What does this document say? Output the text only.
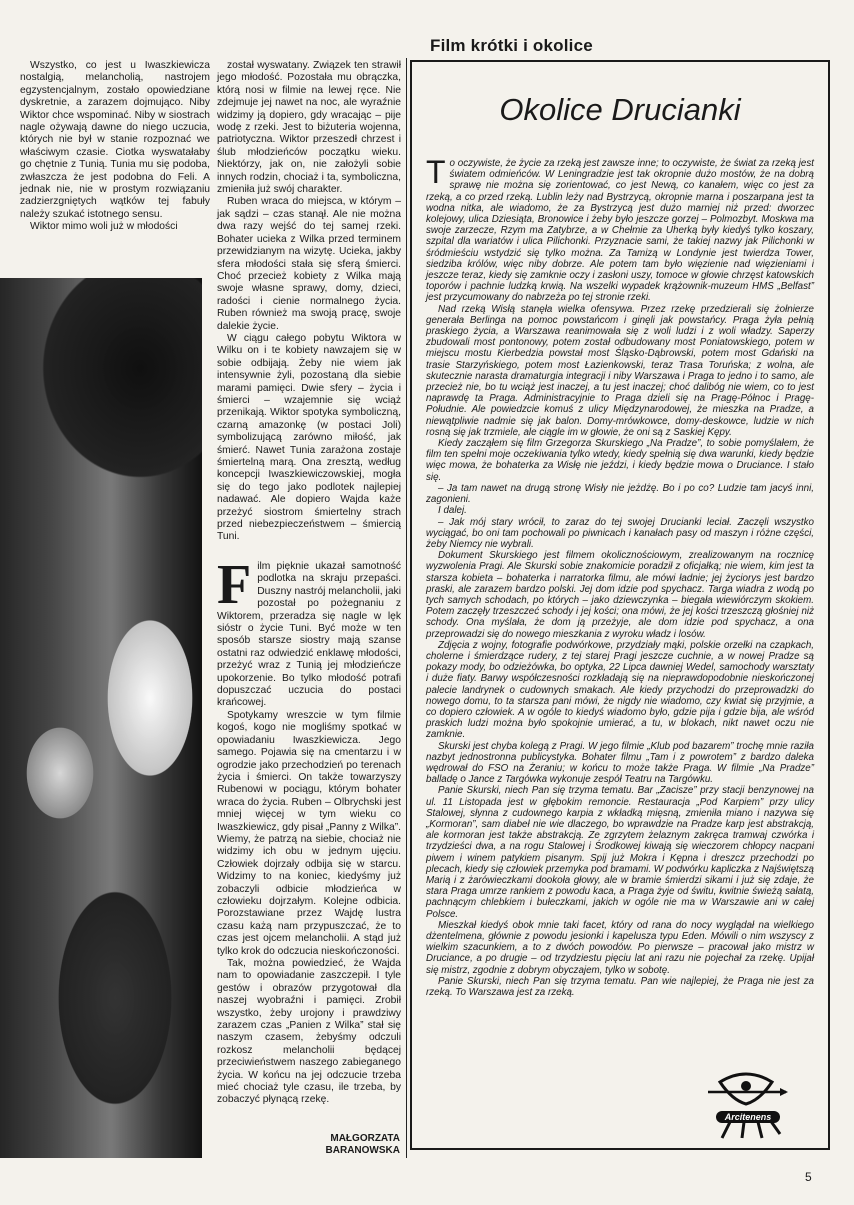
Film krótki i okolice

Wszystko, co jest u Iwaszkiewicza nostalgią, melancholią, nastrojem egzystencjalnym, zostało opowiedziane dyskretnie, a zarazem dojmująco. Niby Wiktor chce wspominać. Niby w siostrach nagle ożywają dawne do niego uczucia, których nie był w stanie rozpoznać we właściwym czasie. Ciotka wyswatałaby go chętnie z Tunią. Tunia mu się podoba, zwłaszcza że jest podobna do Feli. A jednak nie, nie w prostym rozwiązaniu zadzierzgniętych wątków tej fabuły należy szukać istotnego sensu.

Wiktor mimo woli już w młodości

został wyswatany. Związek ten strawił jego młodość. Pozostała mu obrączka, którą nosi w filmie na lewej ręce. Nie zdejmuje jej nawet na noc, ale wyraźnie widzimy ją dopiero, gdy wracając – pije wodę z rzeki. Jest to biżuteria wojenna, patriotyczna. Wiktor przeszedł chrzest i ślub młodzieńców początku wieku. Niektórzy, jak on, nie założyli sobie innych rodzin, chociaż i ta, symboliczna, zmieniła już swój charakter.

Ruben wraca do miejsca, w którym – jak sądzi – czas stanął. Ale nie można dwa razy wejść do tej samej rzeki. Bohater ucieka z Wilka przed terminem przewidzianym na wizytę. Ucieka, jakby sfera młodości stała się sferą śmierci. Choć przecież kobiety z Wilka mają swoje własne sprawy, domy, dzieci, radości i cienie normalnego życia. Ruben również ma swoją pracę, swoje dalekie życie.

W ciągu całego pobytu Wiktora w Wilku on i te kobiety nawzajem się w sobie odbijają. Żeby nie wiem jak intensywnie żyli, pozostaną dla siebie marami pamięci. Dwie sfery – życia i śmierci – wzajemnie się wciąż przenikają. Wiktor spotyka symboliczną, czarną amazonkę (w postaci Joli) symbolizującą zarówno miłość, jak śmierć. Nawet Tunia zarażona zostaje śmiertelną marą. Ona zresztą, według koncepcji Iwaszkiewiczowskiej, mogła się do tego jako podlotek najlepiej nadawać. Ale dopiero Wajda każe przeżyć siostrom śmiertelny strach przed niebezpieczeństwem – śmiercią Tuni.

Film pięknie ukazał samotność podlotka na skraju przepaści. Duszny nastrój melancholii, jaki pozostał po pożegnaniu z Wiktorem, przeradza się nagle w lęk sióstr o życie Tuni. Być może w ten sposób starsze siostry mają szanse ostatni raz odwiedzić enklawę młodości, przeżyć wraz z Tunią jej młodzieńcze upokorzenie. Bo tylko młodość potrafi dopuszczać uczucia do postaci krańcowej.

Spotykamy wreszcie w tym filmie kogoś, kogo nie mogliśmy spotkać w opowiadaniu Iwaszkiewicza. Jego samego. Pojawia się na cmentarzu i w ogrodzie jako przechodzień po terenach życia i śmierci. On także towarzyszy Rubenowi w pociągu, którym bohater wraca do życia. Ruben – Olbrychski jest mniej więcej w tym wieku co Iwaszkiewicz, gdy pisał „Panny z Wilka”. Wiemy, że patrzą na siebie, chociaż nie widzimy ich obu w jednym ujęciu. Człowiek dojrzały odbija się w starcu. Widzimy to na koniec, kiedyśmy już zobaczyli odbicie młodzieńca w człowieku dojrzałym. Kolejne odbicia. Porozstawiane przez Wajdę lustra czasu każą nam przypuszczać, że to czas jest ojcem melancholii. A stąd już tylko krok do odczucia nieskończoności.

Tak, można powiedzieć, że Wajda nam to opowiadanie zaszczepił. I tyle gestów i obrazów przygotował dla naszej wyobraźni i pamięci. Zrobił wszystko, żeby urojony i prawdziwy zarazem czas „Panien z Wilka” stał się naszym czasem, żebyśmy odczuli rozkosz melancholii będącej przeciwieństwem naszego zabieganego życia. W końcu na jej odczucie trzeba mieć chociaż tyle czasu, ile trzeba, by zobaczyć płynącą rzekę.

MAŁGORZATA
BARANOWSKA
Okolice Drucianki

To oczywiste, że życie za rzeką jest zawsze inne; to oczywiste, że świat za rzeką jest światem odmieńców. W Leningradzie jest tak okropnie dużo mostów, że na dobrą sprawę nie można się zorientować, co jest Newą, co kanałem, więc co jest za rzeką, a co przed rzeką. Lublin leży nad Bystrzycą, okropnie marna i poszarpana jest ta wodna nitka, ale wiadomo, że za Bystrzycą jest dużo marniej niż przed: dworzec kolejowy, ulica Dziesiąta, Bronowice i żeby było jeszcze gorzej – Polmozbyt. Moskwa ma swoje zarzecze, Rzym ma Zatybrze, a w Chełmie za Uherką były kiedyś tylko koszary, szpital dla wariatów i ulica Pilichonki. Przyznacie sami, że takiej nazwy jak Pilichonki w śródmieściu wstydzić się tylko można. Za Tamizą w Londynie jest twierdza Tower, siedziba królów, więc niby dobrze. Ale potem tam było więzienie nad więzieniami i jeszcze teraz, kiedy się zamknie oczy i zasłoni uszy, tomoce w głowie chrzęst katowskich toporów i pachnie ludzką krwią. Na wszelki wypadek krążownik-muzeum HMS „Belfast” jest przycumowany do nabrzeża po tej stronie rzeki.

Nad rzeką Wisłą stanęła wielka ofensywa. Przez rzekę przedzierali się żołnierze generała Berlinga na pomoc powstańcom i ginęli jak powstańcy. Praga żyła pełnią praskiego życia, a Warszawa reanimowała się z woli ludzi i z woli władzy. Saperzy zbudowali most pontonowy, potem został odbudowany most Poniatowskiego, potem w miejscu mostu Kierbedzia powstał most Śląsko-Dąbrowski, potem most Gdański na trasie Starzyńskiego, potem most Łazienkowski, teraz Trasa Toruńska; z wolna, ale skutecznie narasta dramaturgia integracji i niby Warszawa i Praga to jedno i to samo, ale przecież nie, bo tu wciąż jest inaczej, a tu jest inaczej; choć dalibóg nie wiem, co to jest naprawdę ta Praga. Administracyjnie to Praga dzieli się na Pragę-Północ i Pragę-Południe. Ale powiedzcie komuś z ulicy Międzynarodowej, że mieszka na Pradze, a niewątpliwie nadmie się jak balon. Domy-mrówkowce, domy-deskowce, ludzie w nich rosną się jak trzmiele, ale ciągle im w głowie, że oni są z Saskiej Kępy.

Kiedy zacząłem się film Grzegorza Skurskiego „Na Pradze”, to sobie pomyślałem, że film ten spełni moje oczekiwania tylko wtedy, kiedy spełnią się dwa warunki, kiedy będzie więc mowa, że bohaterka za Wisłę nie jeździ, i kiedy będzie mowa o Druciance. I stało się.

– Ja tam nawet na drugą stronę Wisły nie jeżdżę. Bo i po co? Ludzie tam jacyś inni, zagonieni.

I dalej.

– Jak mój stary wrócił, to zaraz do tej swojej Drucianki leciał. Zaczęli wszystko wyciągać, bo oni tam pochowali po piwnicach i kanałach pasy od maszyn i różne części, żeby Niemcy nie wybrali.

Dokument Skurskiego jest filmem okolicznościowym, zrealizowanym na rocznicę wyzwolenia Pragi. Ale Skurski sobie znakomicie poradził z oficjałką; nie wiem, kim jest ta starsza kobieta – bohaterka i narratorka filmu, ale mówi ładnie; jej życiorys jest bardzo praski, ale zarazem bardzo polski. Jej dom idzie pod spychacz. Targa wiadra z wodą po tych samych schodach, po których – jako dziewczynka – biegała wiewiórczym skokiem. Potem zaczęły trzeszczeć schody i jej kości; ona mówi, że jej kości trzeszczą głośniej niż schody. Ona myślała, że dom ją przeżyje, ale dom idzie pod spychacz, a ona przeprowadzi się do nowego mieszkania z wyroku władz i losów.

Zdjęcia z wojny, fotografie podwórkowe, przydziały mąki, polskie orzełki na czapkach, cholerne i śmierdzące rudery, z tej starej Pragi jeszcze cuchnie, a w nowej Pradze są pokazy mody, bo odzieżówka, bo optyka, 22 Lipca dawniej Wedel, samochody warsztaty i duże fiaty. Barwy współczesności rozkładają się na nieprawdopodobnie nieskończonej palecie landrynek o cudownych smakach. Ale kiedy przychodzi do przeprowadzki do nowego domu, to ta starsza pani mówi, że nigdy nie wiadomo, czy kwiat się przyjmie, a co dopiero człowiek. A w ogóle to kiedyś wiadomo było, gdzie pija i gdzie bija, ale wśród praskich ludzi można było spokojnie umierać, a tu, w blokach, nikt nawet oczu nie zamknie.

Skurski jest chyba kolegą z Pragi. W jego filmie „Klub pod bazarem” trochę mnie raziła nazbyt jednostronna publicystyka. Bohater filmu „Tam i z powrotem” z bardzo daleka wędrował do FSO na Żeraniu; w końcu to może także Praga. W filmie „Na Pradze” balladę o Jance z Targówka wykonuje zespół Teatru na Targówku.

Panie Skurski, niech Pan się trzyma tematu. Bar „Zacisze” przy stacji benzynowej na ul. 11 Listopada jest w głębokim remoncie. Restauracja „Pod Karpiem” przy ulicy Stalowej, słynna z cudownego karpia z wkładką mięsną, zmieniła miano i nazywa się „Kormoran”, sam diabeł nie wie dlaczego, bo wprawdzie na Pradze karp jest abstrakcją, ale kormoran jest także abstrakcją. Ze zgrzytem żelaznym zakręca tramwaj czwórka i trzydzieści dwa, a na rogu Stalowej i Środkowej kiwają się wieczorem chłopcy nacpani piwem i winem patykiem pisanym. Spij już Mokra i Kępna i dreszcz przechodzi po plecach, kiedy się człowiek przemyka pod bramami. W podwórku kapliczka z Najświętszą Marią i z żarówieczkami dookoła głowy, ale w bramie śmierdzi sikami i już się zdaje, że stara Praga umrze rankiem z powodu kaca, a Praga żyje od świtu, kwitnie świeżą sałatą, pachnącym chlebkiem i bułeczkami, jakich w ogóle nie ma w Warszawie ani w całej Polsce.

Mieszkał kiedyś obok mnie taki facet, który od rana do nocy wyglądał na wielkiego dżentelmena, głównie z powodu jesionki i kapelusza typu Eden. Mówili o nim wszyscy z wielkim szacunkiem, a to z dwóch powodów. Po pierwsze – pracował jako mistrz w Druciance, a po drugie – od trzydziestu pięciu lat ani razu nie pojechał za rzekę. Upijał się mistrz, zgodnie z dobrym obyczajem, tylko w sobotę.

Panie Skurski, niech Pan się trzyma tematu. Pan wie najlepiej, że Praga nie jest za rzeką. To Warszawa jest za rzeką.

Arcitenens
5
